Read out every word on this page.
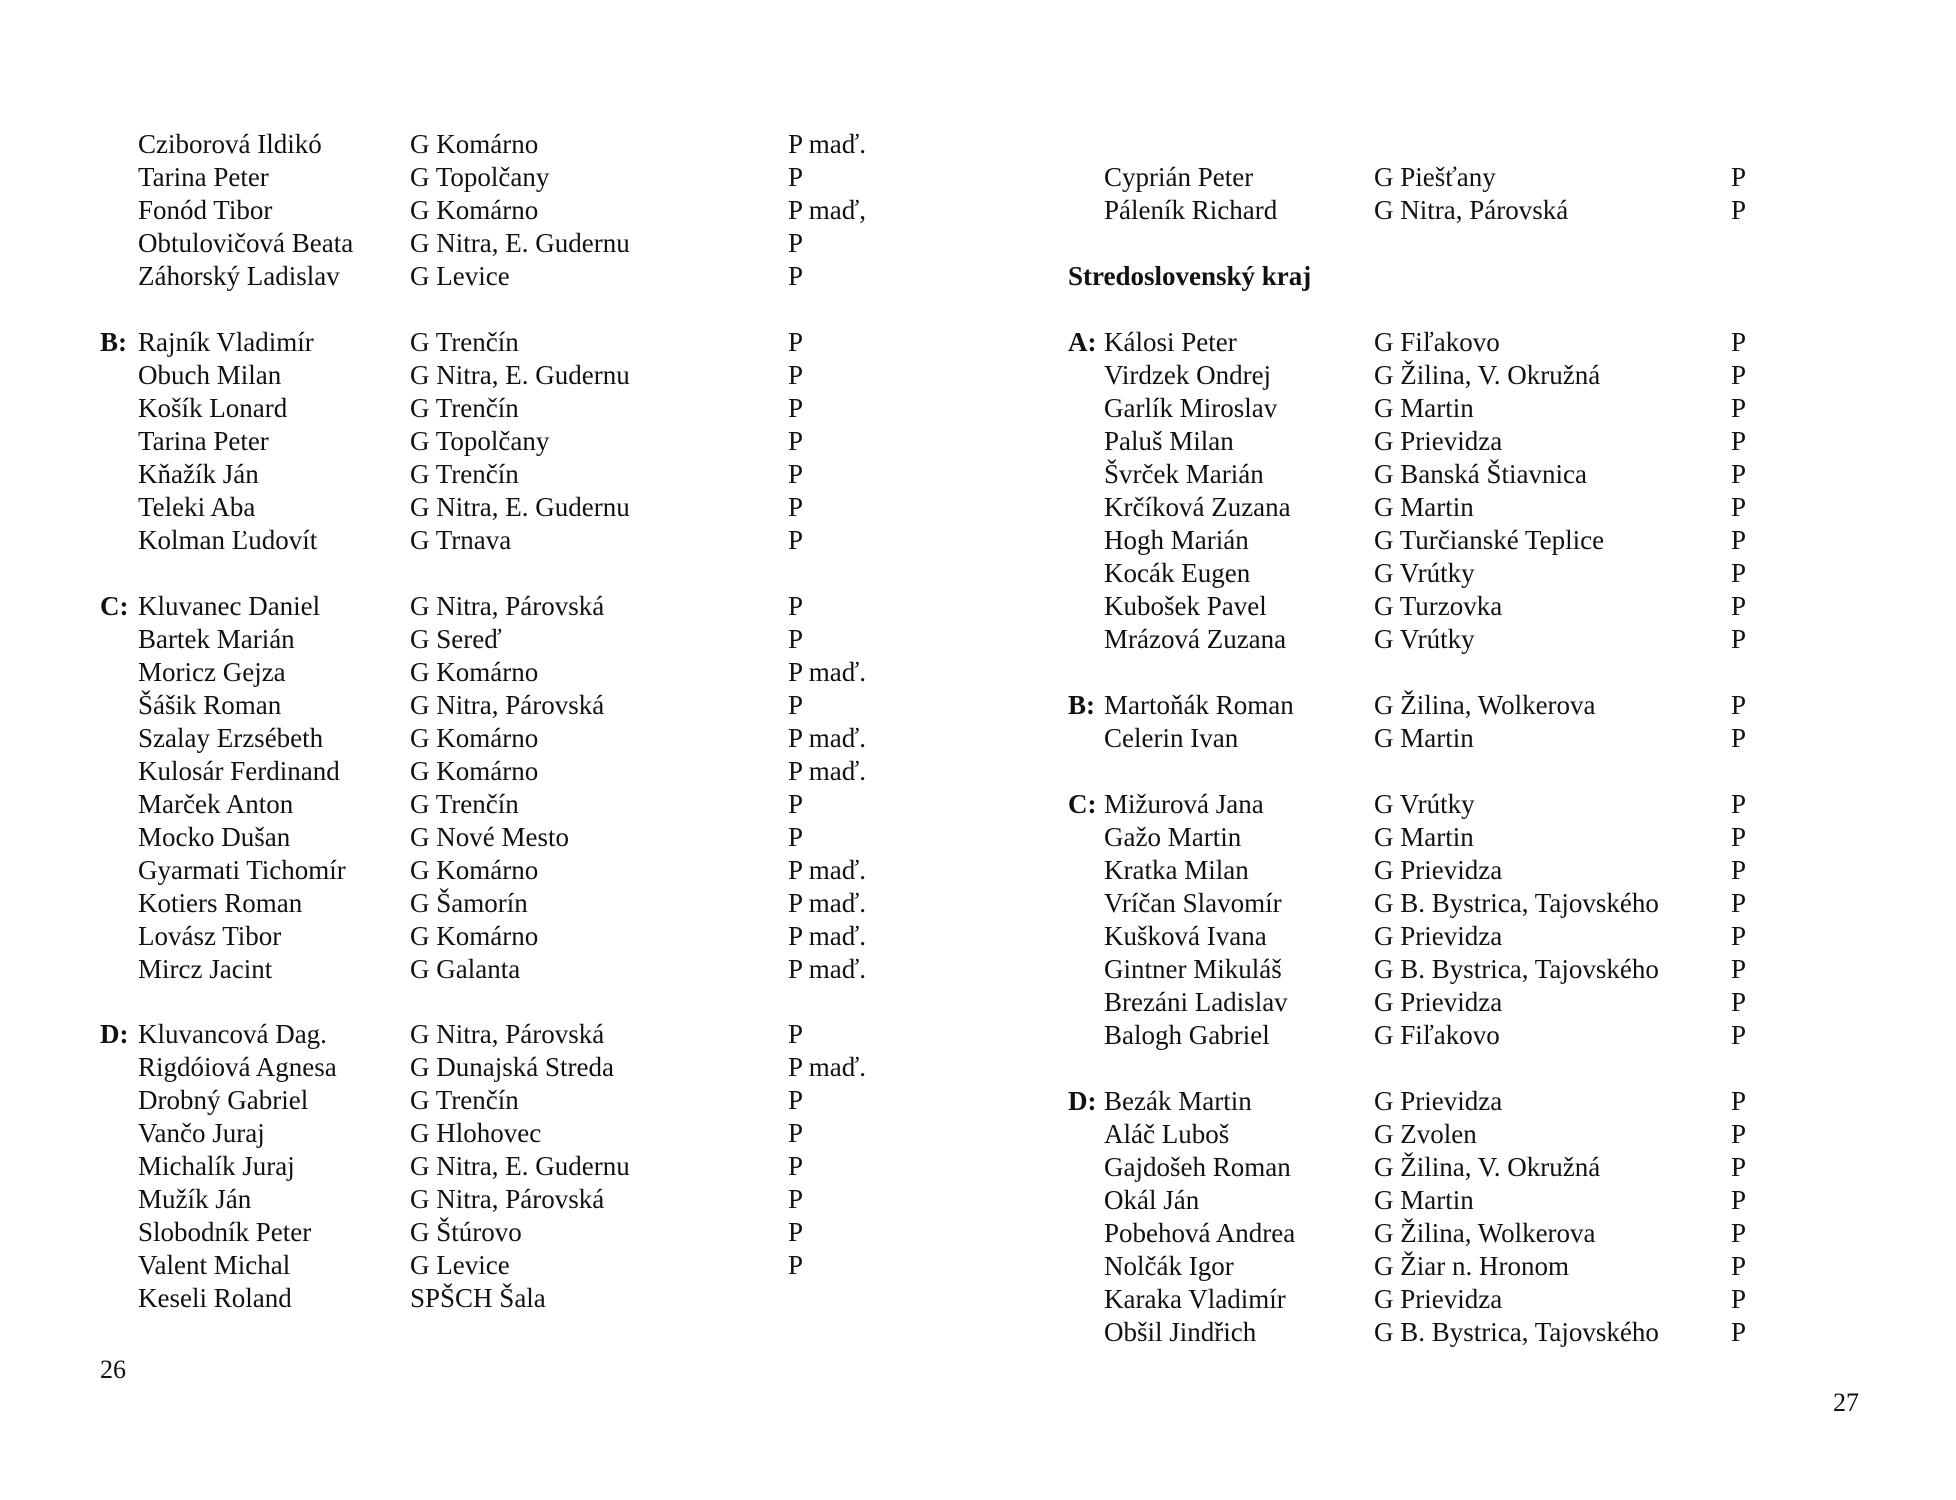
Cziborová Ildikó	G Komárno	P maď.
Tarina Peter	G Topolčany	P
Fonód Tibor	G Komárno	P maď,
Obtulovičová Beata G Nitra, E. Gudernu	P
Záhorský Ladislav	G Levice	P
B: Rajník Vladimír	G Trenčín	P
Obuch Milan	G Nitra, E. Gudernu	P
Košík Lonard	G Trenčín	P
Tarina Peter	G Topolčany	P
Kňažík Ján	G Trenčín	P
Teleki Aba	G Nitra, E. Gudernu	P
Kolman Ľudovít	G Trnava	P
C: Kluvanec Daniel	G Nitra, Párovská	P
Bartek Marián	G Sereď	P
Moricz Gejza	G Komárno	P maď.
Šášik Roman	G Nitra, Párovská	P
Szalay Erzsébeth	G Komárno	P maď.
Kulosár Ferdinand	G Komárno	P maď.
Marček Anton	G Trenčín	P
Mocko Dušan	G Nové Mesto	P
Gyarmati Tichomír G Komárno	P maď.
Kotiers Roman	G Šamorín	P maď.
Lovász Tibor	G Komárno	P maď.
Mircz Jacint	G Galanta	P maď.
D: Kluvancová Dag.	G Nitra, Párovská	P
Rigdóiová Agnesa	G Dunajská Streda	P maď.
Drobný Gabriel	G Trenčín	P
Vančo Juraj	G Hlohovec	P
Michalík Juraj	G Nitra, E. Gudernu	P
Mužík Ján	G Nitra, Párovská	P
Slobodník Peter	G Štúrovo	P
Valent Michal	G Levice	P
Keseli Roland	SPŠCH Šala
26
Cyprián Peter	G Piešťany	P
Páleník Richard	G Nitra, Párovská	P
Stredoslovenský kraj
A: Kálosi Peter	G Fiľakovo	P
Virdzek Ondrej	G Žilina, V. Okružná	P
Garlík Miroslav	G Martin	P
Paluš Milan	G Prievidza	P
Švrček Marián	G Banská Štiavnica	P
Krčíková Zuzana	G Martin	P
Hogh Marián	G Turčianské Teplice	P
Kocák Eugen	G Vrútky	P
Kubošek Pavel	G Turzovka	P
Mrázová Zuzana	G Vrútky	P
B: Martoňák Roman	G Žilina, Wolkerova	P
Celerin Ivan	G Martin	P
C: Mižurová Jana	G Vrútky	P
Gažo Martin	G Martin	P
Kratka Milan	G Prievidza	P
Vríčan Slavomír	G B. Bystrica, Tajovského	P
Kušková Ivana	G Prievidza	P
Gintner Mikuláš	G B. Bystrica, Tajovského	P
Brezáni Ladislav	G Prievidza	P
Balogh Gabriel	G Fiľakovo	P
D: Bezák Martin	G Prievidza	P
Aláč Luboš	G Zvolen	P
Gajdošeh Roman	G Žilina, V. Okružná	P
Okál Ján	G Martin	P
Pobehová Andrea	G Žilina, Wolkerova	P
Nolčák Igor	G Žiar n. Hronom	P
Karaka Vladimír	G Prievidza	P
Obšil Jindřich	G B. Bystrica, Tajovského	P
27
